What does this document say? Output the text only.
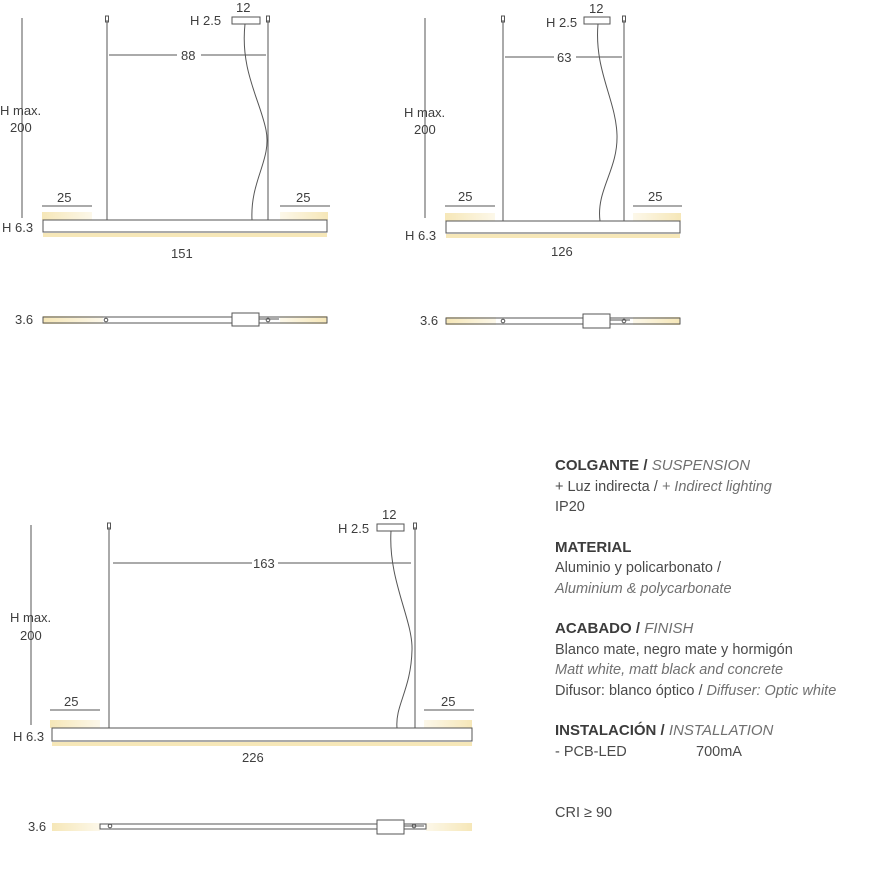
H max.
200
H 6.3
H 2.5
12
88
25	25
151
3.6
H max.
200
H 6.3
H 2.5
12
63
25	25
126
3.6
H max.
200
H 6.3
H 2.5
12
163
25	25
226
3.6
COLGANTE / SUSPENSION
+ Luz indirecta / + Indirect lighting
IP20
MATERIAL
Aluminio y policarbonato /
Aluminium & polycarbonate
ACABADO / FINISH
Blanco mate, negro mate y hormigón
Matt white, matt black and concrete
Difusor: blanco óptico / Diffuser: Optic white
INSTALACIÓN / INSTALLATION
- PCB-LED	700mA
CRI ≥ 90
